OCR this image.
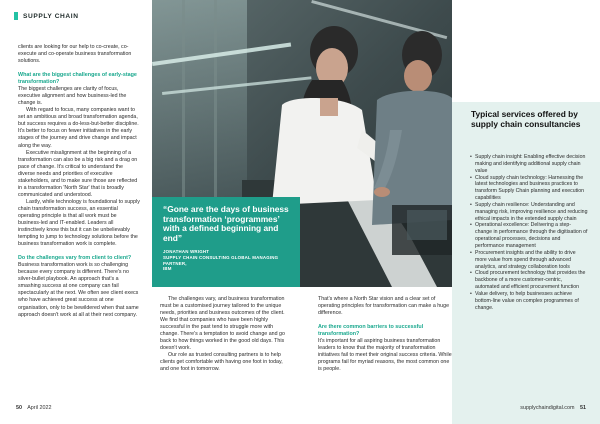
SUPPLY CHAIN

clients are looking for our help to co-create, co-execute and co-operate business transformation solutions.

What are the biggest challenges of early-stage transformation?

The biggest challenges are clarity of focus, executive alignment and how business-led the change is.

With regard to focus, many companies want to set an ambitious and broad transformation agenda, but success requires a do-less-but-better discipline. It's better to focus on fewer initiatives in the early stages of the journey and drive change and impact along the way.

Executive misalignment at the beginning of a transformation can also be a big risk and a drag on pace of change. It's critical to understand the diverse needs and priorities of executive stakeholders, and to make sure those are reflected in a transformation 'North Star' that is broadly communicated and understood.

Lastly, while technology is foundational to supply chain transformation success, an essential operating principle is that all work must be business-led and IT-enabled. Leaders all instinctively know this but it can be unbelievably tempting to jump to technology solutions before the business transformation work is complete.

Do the challenges vary from client to client?

Business transformation work is so challenging because every company is different. There's no silver-bullet playbook. An approach that's a smashing success at one company can fail spectacularly at the next. We often see client execs who have achieved great success at one organisation, only to be bewildered when that same approach doesn't work at all at their next company.

“Gone are the days of business transformation ‘programmes’ with a defined beginning and end”
JONATHAN WRIGHT
SUPPLY CHAIN CONSULTING GLOBAL MANAGING PARTNER,
IBM

The challenges vary, and business transformation must be a customised journey tailored to the unique needs, priorities and business outcomes of the client. We find that companies who have been highly successful in the past tend to struggle more with change. There's a temptation to avoid change and go back to how things worked in the good old days. This doesn't work.

Our role as trusted consulting partners is to help clients get comfortable with having one foot in today, and one foot in tomorrow.

That's where a North Star vision and a clear set of operating principles for transformation can make a huge difference.

Are there common barriers to successful transformation?

It's important for all aspiring business transformation leaders to know that the majority of transformation initiatives fail to meet their original success criteria. While programs fail for myriad reasons, the most common one is people.

Typical services offered by supply chain consultancies
• Supply chain insight: Enabling effective decision making and identifying additional supply chain value
• Cloud supply chain technology: Harnessing the latest technologies and business practices to transform Supply Chain planning and execution capabilities
• Supply chain resilience: Understanding and managing risk, improving resilience and reducing ethical impacts in the extended supply chain
• Operational excellence: Delivering a step-change in performance through the digitisation of operational processes, decisions and performance management
• Procurement insights and the ability to drive more value from spend through advanced analytics, and strategy collaboration tools
• Cloud procurement technology that provides the backbone of a more customer-centric, automated and efficient procurement function
• Value delivery, to help businesses achieve bottom-line value on complex programmes of change.
50 April 2022	supplychaindigital.com 51
